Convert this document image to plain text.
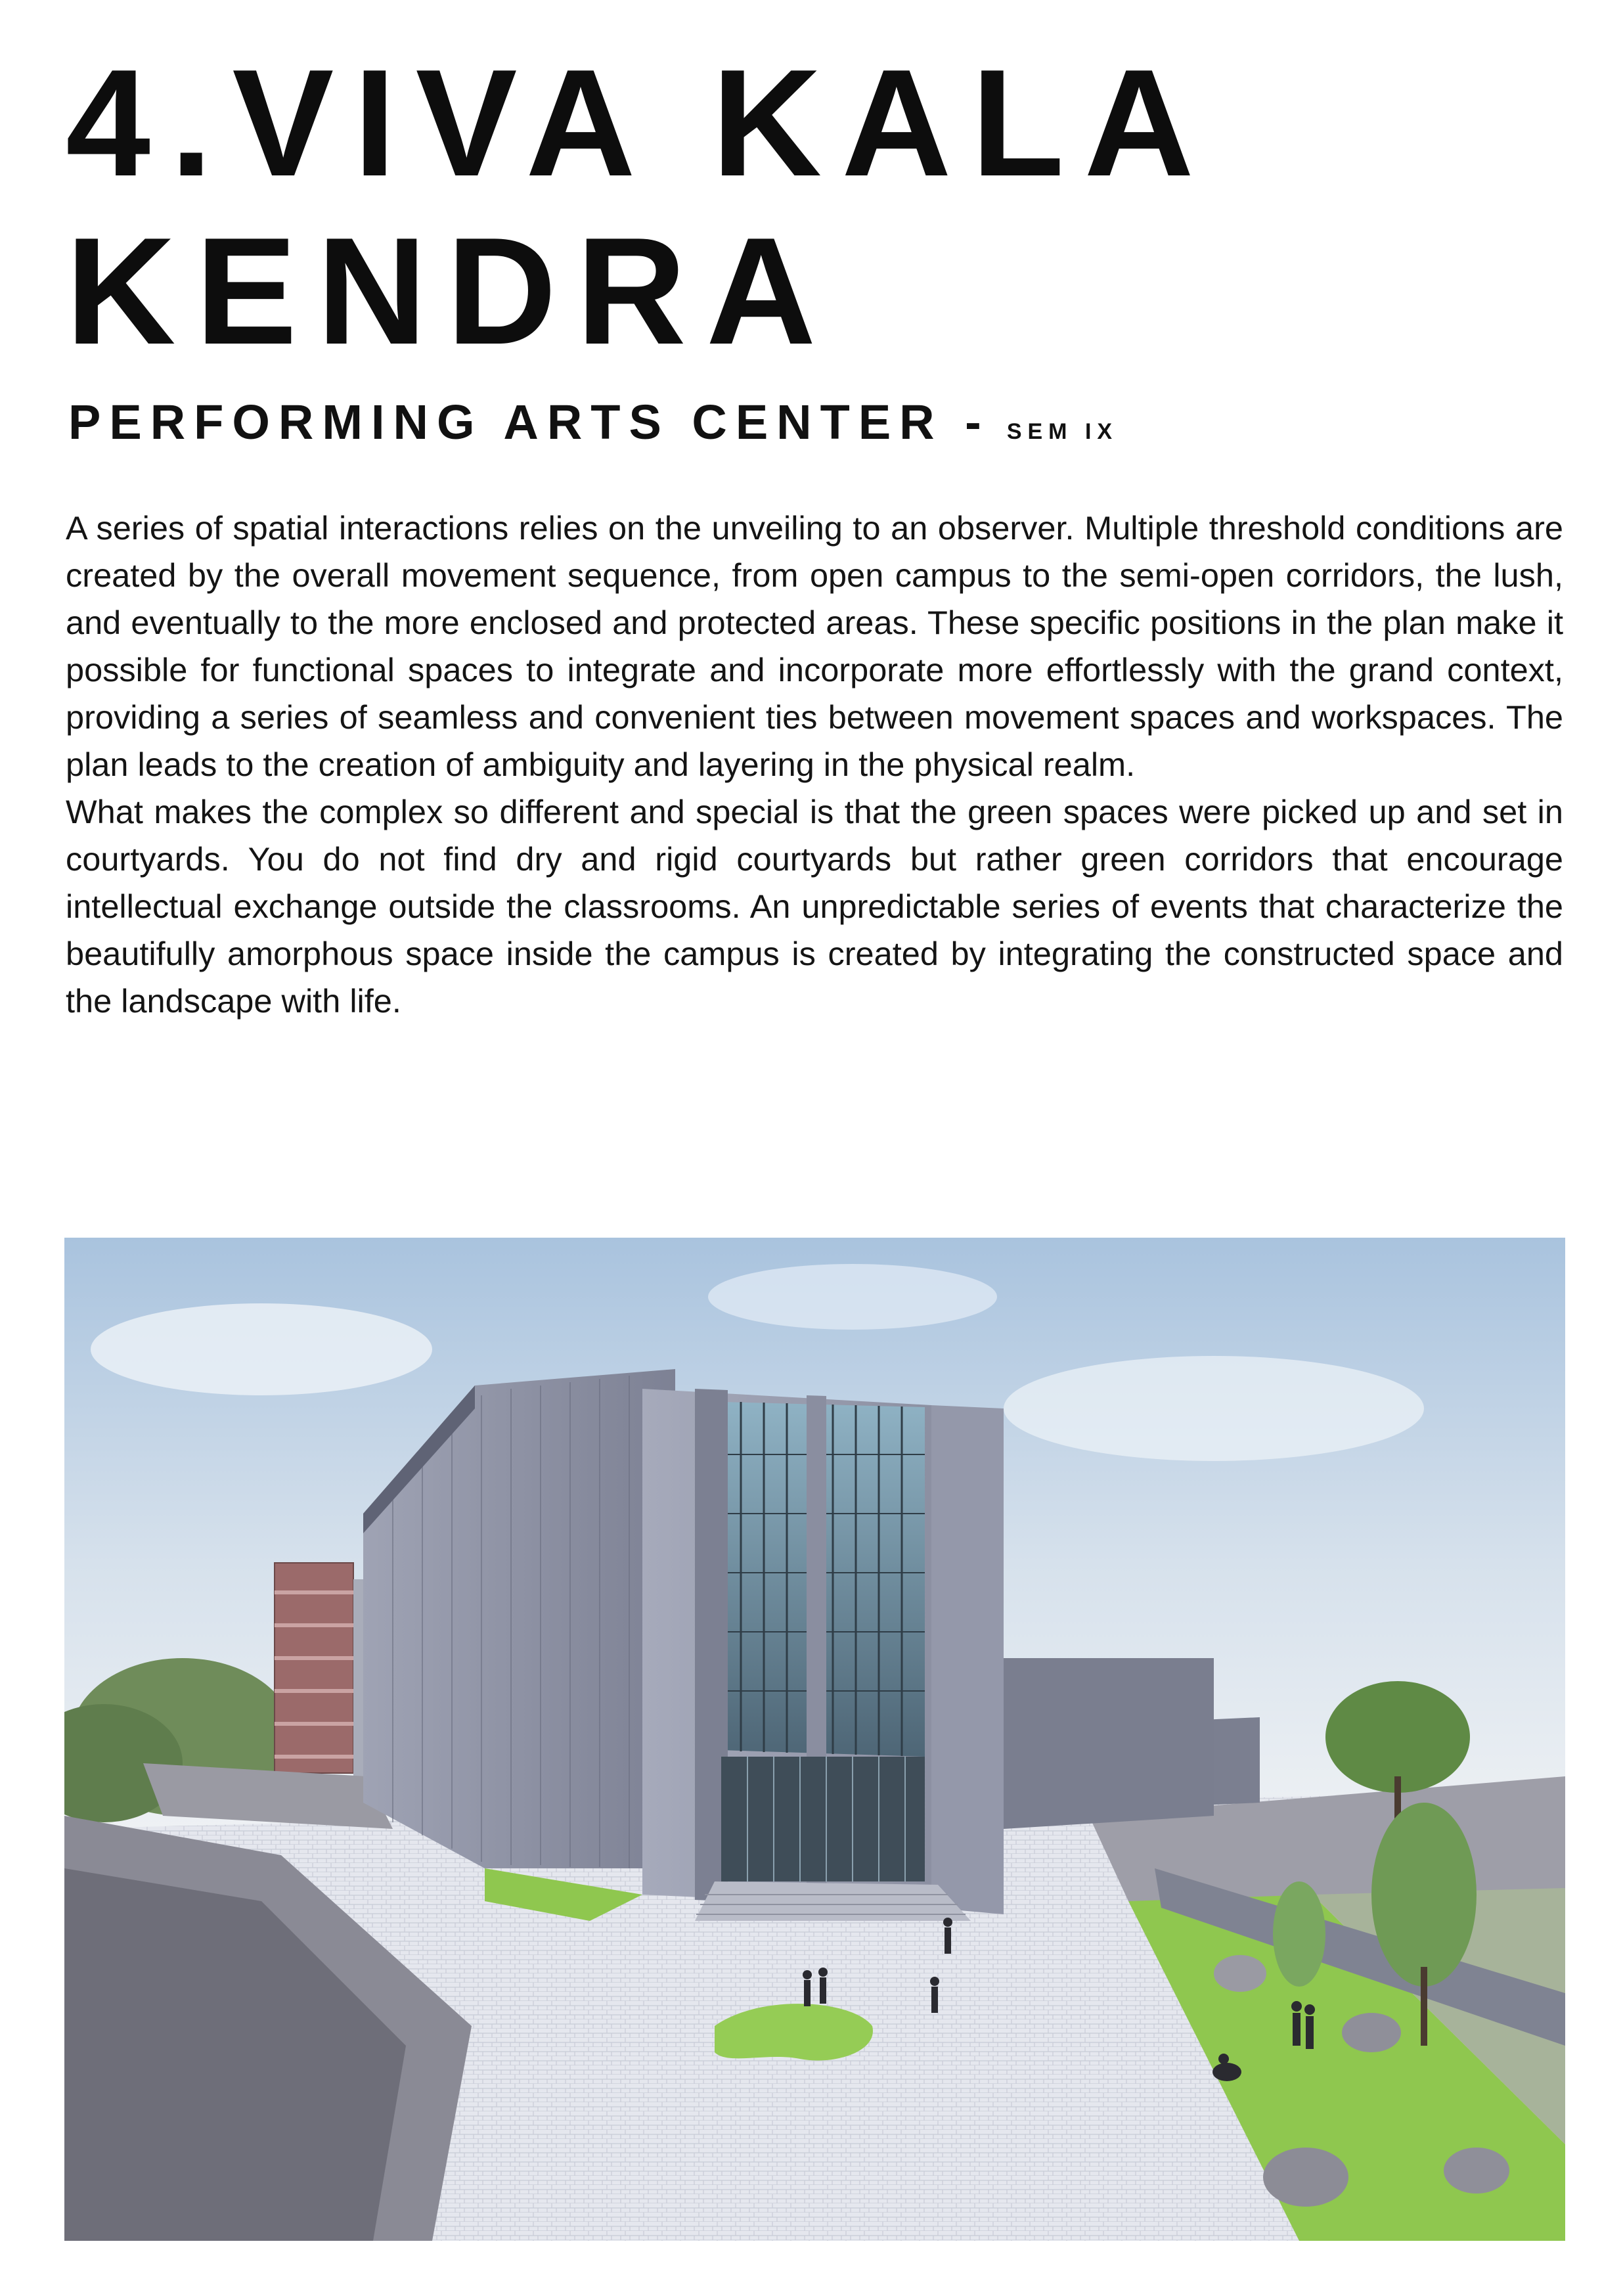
4.VIVA KALA
KENDRA
PERFORMING ARTS CENTER - SEM IX

A series of spatial interactions relies on the unveiling to an observer. Multiple threshold conditions are created by the overall movement sequence, from open campus to the semi-open corridors, the lush, and eventually to the more enclosed and protected areas. These specific positions in the plan make it possible for functional spaces to integrate and incorporate more effortlessly with the grand context, providing a series of seamless and convenient ties between movement spaces and workspaces. The plan leads to the creation of ambiguity and layering in the physical realm.

What makes the complex so different and special is that the green spaces were picked up and set in courtyards. You do not find dry and rigid courtyards but rather green corridors that encourage intellectual exchange outside the classrooms. An unpredictable series of events that characterize the beautifully amorphous space inside the campus is created by integrating the constructed space and the landscape with life.
